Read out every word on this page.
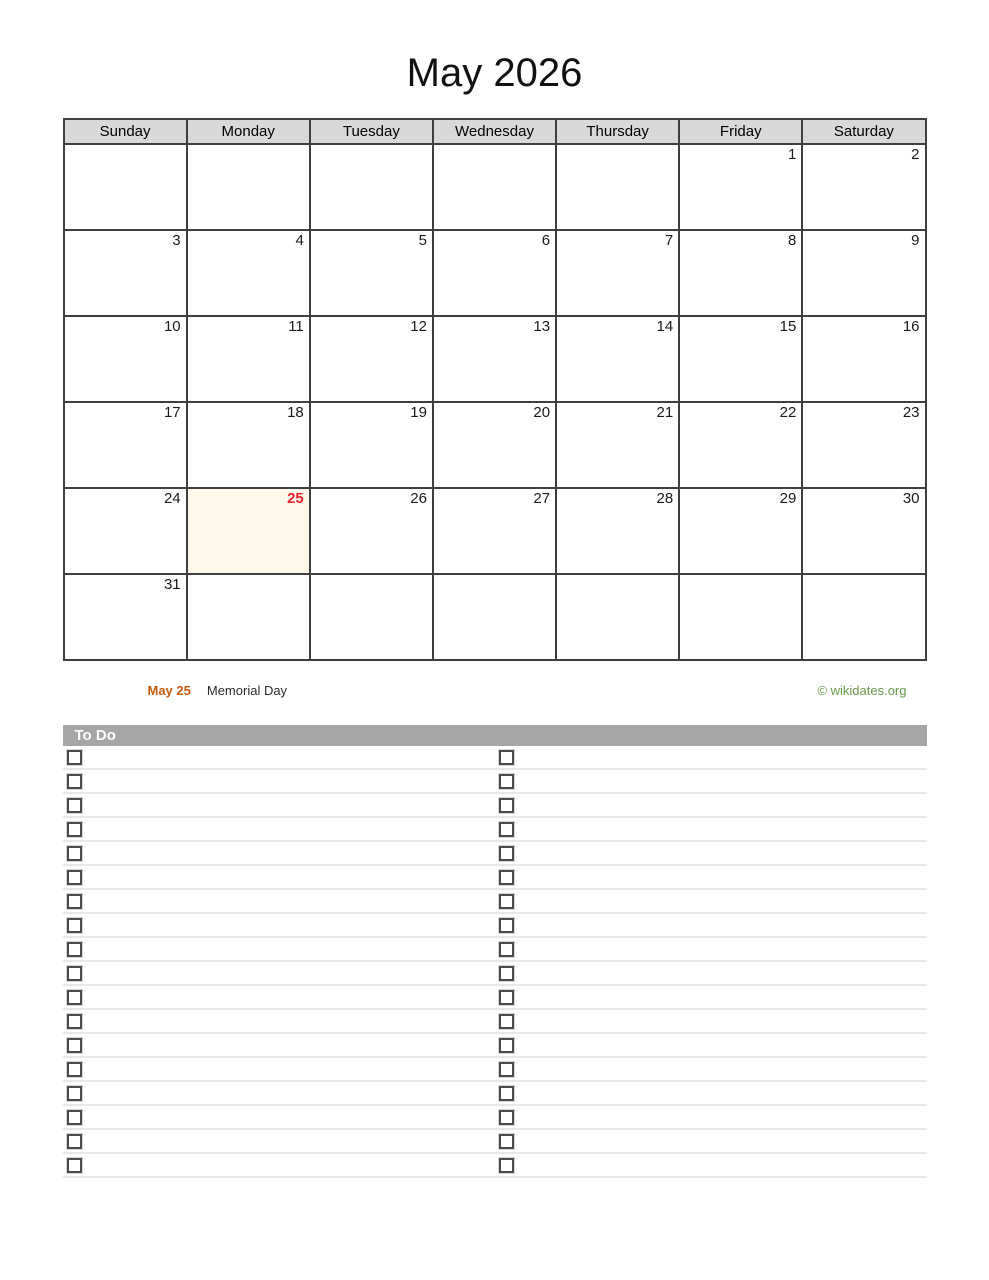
May 2026
Sunday	Monday	Tuesday	Wednesday	Thursday	Friday	Saturday
					1	2
3	4	5	6	7	8	9
10	11	12	13	14	15	16
17	18	19	20	21	22	23
24	25	26	27	28	29	30
31						
May 25 Memorial Day	© wikidates.org
To Do
